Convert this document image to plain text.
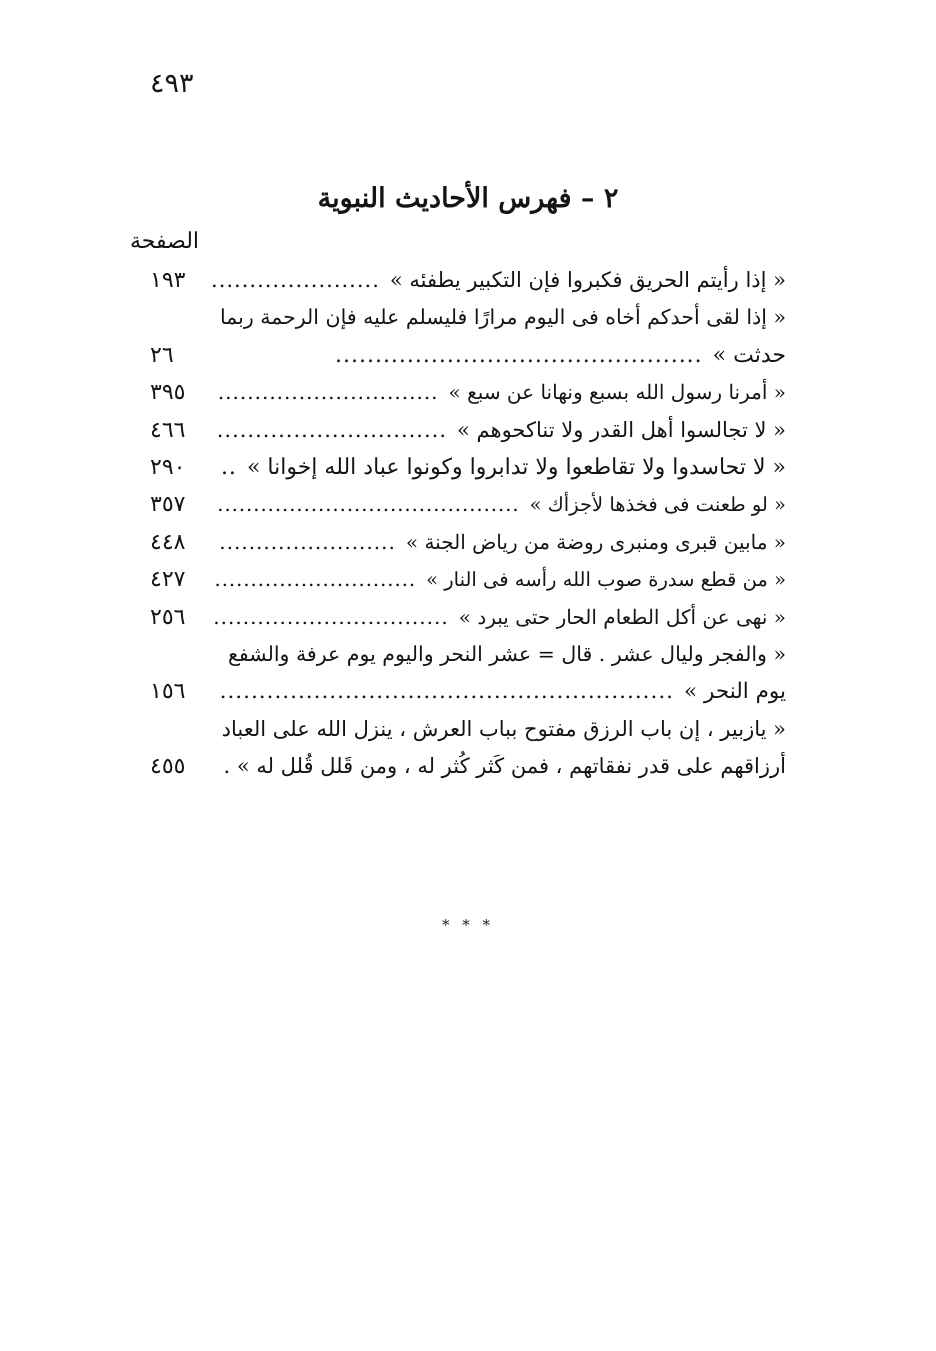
٤٩٣
٢ – فهرس الأحاديث النبوية
الصفحة
« إذا رأيتم الحريق فكبروا فإن التكبير يطفئه »
......................
١٩٣
« إذا لقى أحدكم أخاه فى اليوم مرارًا فليسلم عليه فإن الرحمة ربما
حدثت »
..............................................
٢٦
« أمرنا رسول الله بسبع ونهانا عن سبع »
..............................
٣٩٥
« لا تجالسوا أهل القدر ولا تناكحوهم »
..............................
٤٦٦
« لا تحاسدوا ولا تقاطعوا ولا تدابروا وكونوا عباد الله إخوانا »
..
٢٩٠
« لو طعنت فى فخذها لأجزأك »
..........................................
٣٥٧
« مابين قبرى ومنبرى روضة من رياض الجنة »
........................
٤٤٨
« من قطع سدرة صوب الله رأسه فى النار »
............................
٤٢٧
« نهى عن أكل الطعام الحار حتى يبرد »
................................
٢٥٦
« والفجر وليال عشر . قال = عشر النحر واليوم يوم عرفة والشفع
يوم النحر »
..........................................................
١٥٦
« يازبير ، إن باب الرزق مفتوح بباب العرش ، ينزل الله على العباد
أرزاقهم على قدر نفقاتهم ، فمن كَثر كُثر له ، ومن قَلل قُلل له » .
٤٥٥
* * *
